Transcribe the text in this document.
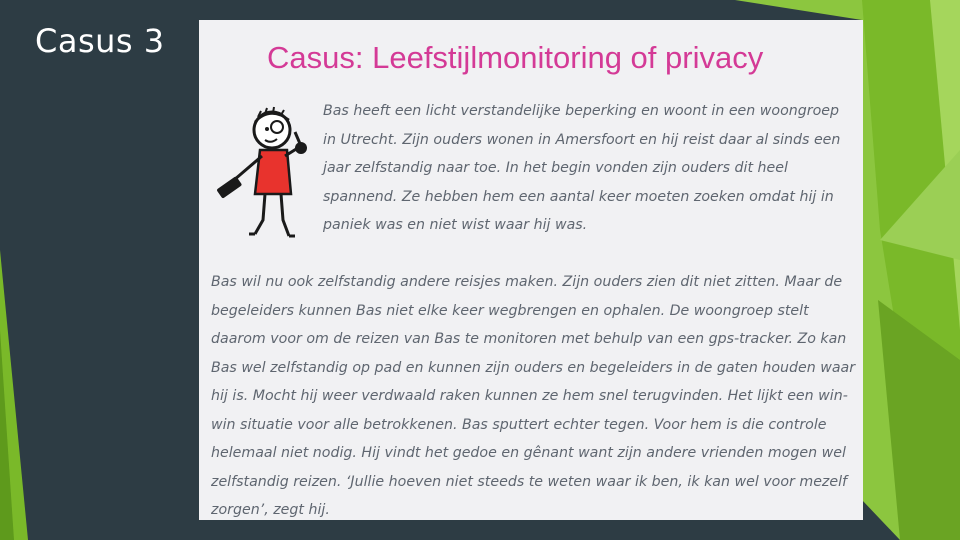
Casus 3	Casus: Leefstijlmonitoring of privacy

Bas heeft een licht verstandelijke beperking en woont in een woongroep in Utrecht. Zijn ouders wonen in Amersfoort en hij reist daar al sinds een jaar zelfstandig naar toe. In het begin vonden zijn ouders dit heel spannend. Ze hebben hem een aantal keer moeten zoeken omdat hij in paniek was en niet wist waar hij was.

Bas wil nu ook zelfstandig andere reisjes maken. Zijn ouders zien dit niet zitten. Maar de begeleiders kunnen Bas niet elke keer wegbrengen en ophalen. De woongroep stelt daarom voor om de reizen van Bas te monitoren met behulp van een gps-tracker. Zo kan Bas wel zelfstandig op pad en kunnen zijn ouders en begeleiders in de gaten houden waar hij is. Mocht hij weer verdwaald raken kunnen ze hem snel terugvinden. Het lijkt een win-win situatie voor alle betrokkenen. Bas sputtert echter tegen. Voor hem is die controle helemaal niet nodig. Hij vindt het gedoe en gênant want zijn andere vrienden mogen wel zelfstandig reizen. ‘Jullie hoeven niet steeds te weten waar ik ben, ik kan wel voor mezelf zorgen’, zegt hij.
